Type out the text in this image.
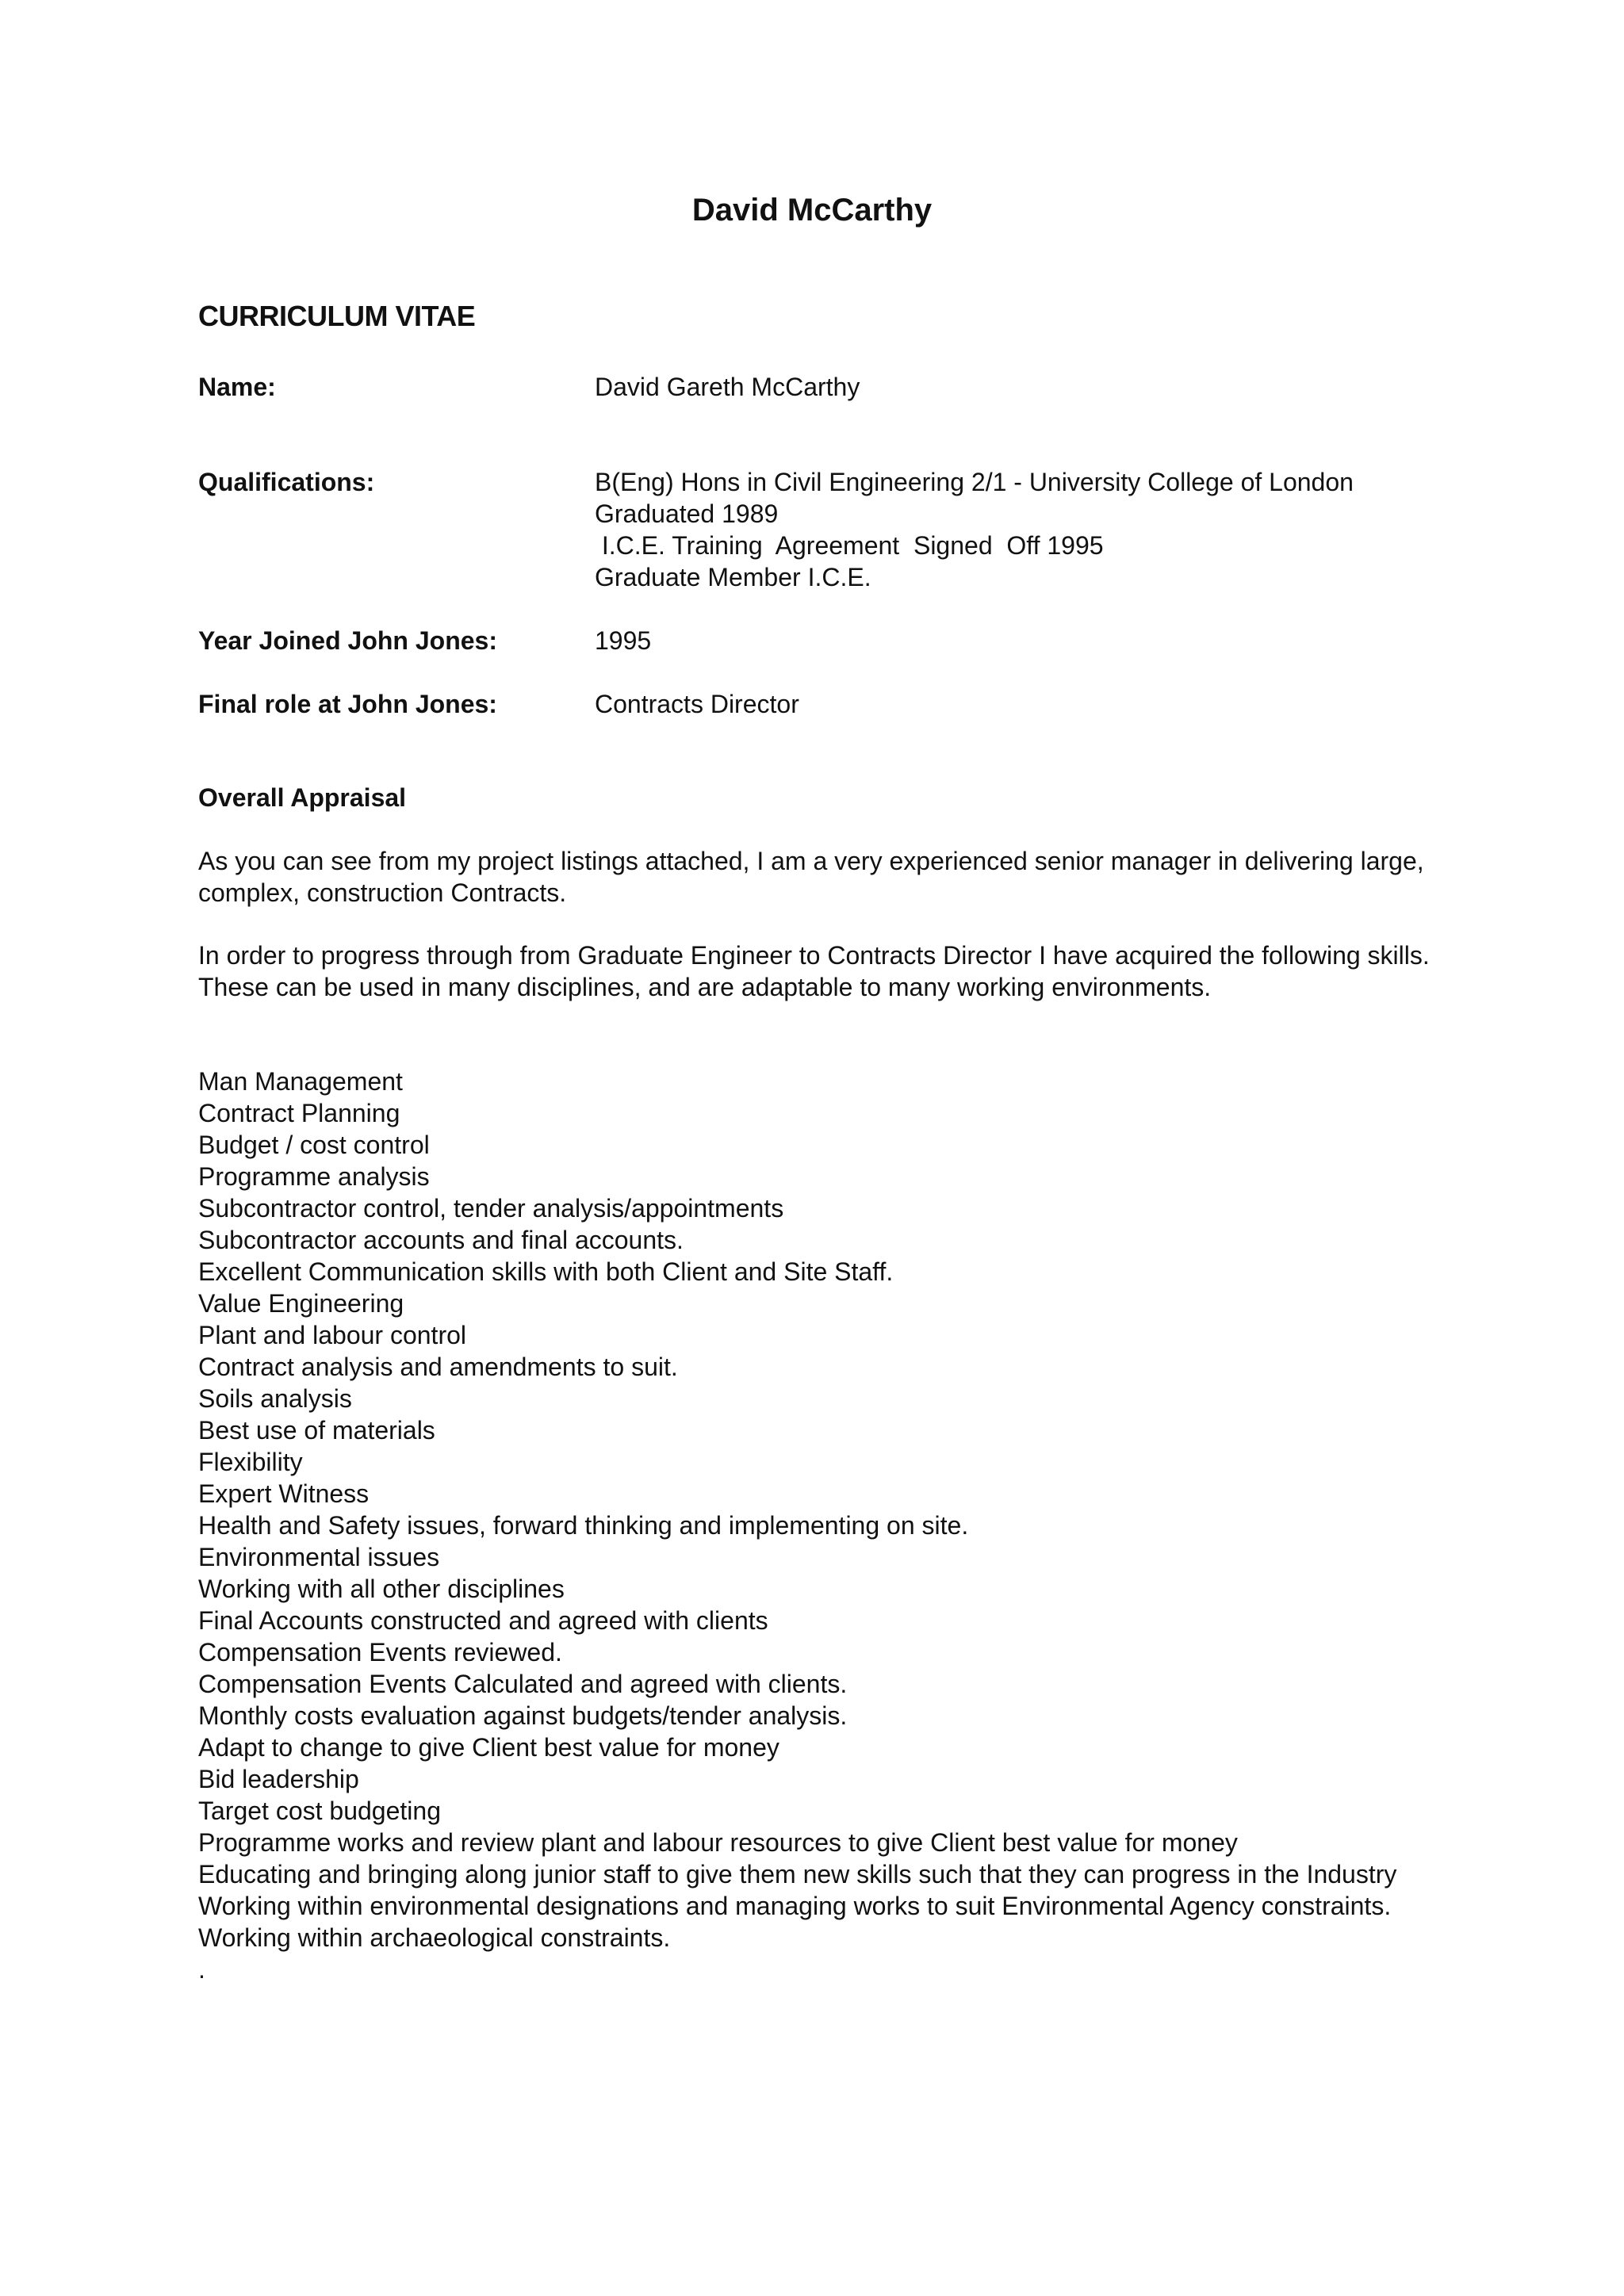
David McCarthy
CURRICULUM VITAE
Name:	David Gareth McCarthy
Qualifications:	B(Eng) Hons in Civil Engineering 2/1 - University College of London
Graduated 1989
I.C.E. Training  Agreement  Signed  Off 1995
Graduate Member I.C.E.
Year Joined John Jones:	1995
Final role at John Jones:	Contracts Director
Overall Appraisal

As you can see from my project listings attached, I am a very experienced senior manager in delivering large, complex, construction Contracts.

In order to progress through from Graduate Engineer to Contracts Director I have acquired the following skills. These can be used in many disciplines, and are adaptable to many working environments.

Man Management
Contract Planning
Budget / cost control
Programme analysis
Subcontractor control, tender analysis/appointments
Subcontractor accounts and final accounts.
Excellent Communication skills with both Client and Site Staff.
Value Engineering
Plant and labour control
Contract analysis and amendments to suit.
Soils analysis
Best use of materials
Flexibility
Expert Witness
Health and Safety issues, forward thinking and implementing on site.
Environmental issues
Working with all other disciplines
Final Accounts constructed and agreed with clients
Compensation Events reviewed.
Compensation Events Calculated and agreed with clients.
Monthly costs evaluation against budgets/tender analysis.
Adapt to change to give Client best value for money
Bid leadership
Target cost budgeting
Programme works and review plant and labour resources to give Client best value for money
Educating and bringing along junior staff to give them new skills such that they can progress in the Industry
Working within environmental designations and managing works to suit Environmental Agency constraints.
Working within archaeological constraints.
.
